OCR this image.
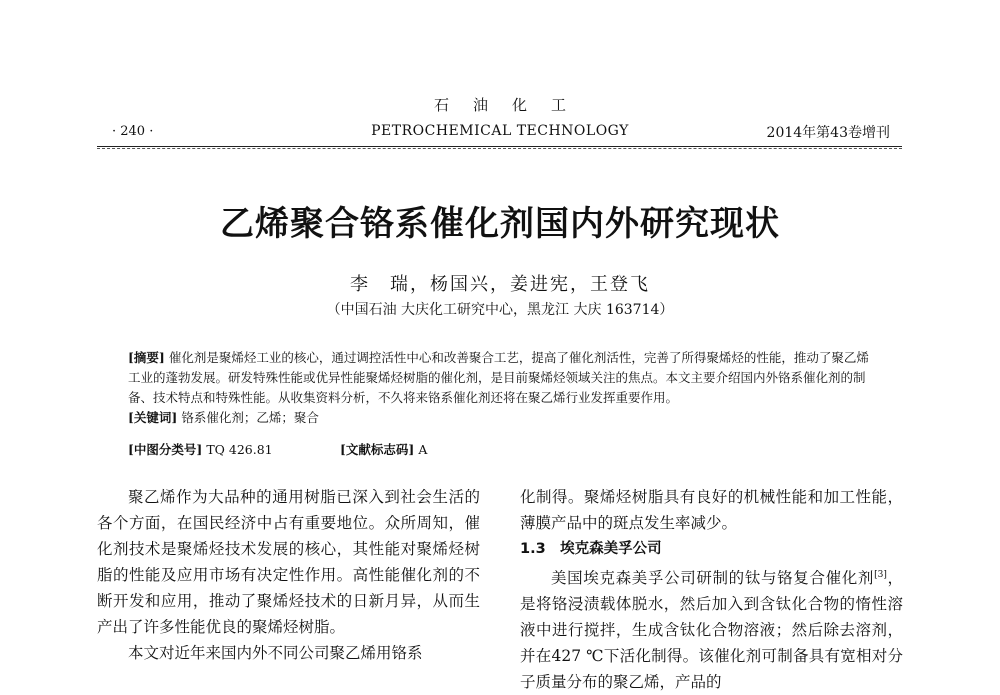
石油化工
· 240 ·	PETROCHEMICAL TECHNOLOGY	2014年第43卷增刊
乙烯聚合铬系催化剂国内外研究现状
李　瑞，杨国兴，姜进宪，王登飞
（中国石油 大庆化工研究中心，黑龙江 大庆 163714）

[摘要] 催化剂是聚烯烃工业的核心，通过调控活性中心和改善聚合工艺，提高了催化剂活性，完善了所得聚烯烃的性能，推动了聚乙烯工业的蓬勃发展。研发特殊性能或优异性能聚烯烃树脂的催化剂，是目前聚烯烃领域关注的焦点。本文主要介绍国内外铬系催化剂的制备、技术特点和特殊性能。从收集资料分析，不久将来铬系催化剂还将在聚乙烯行业发挥重要作用。

[关键词] 铬系催化剂；乙烯；聚合

[中图分类号] TQ 426.81	[文献标志码] A

聚乙烯作为大品种的通用树脂已深入到社会生活的各个方面，在国民经济中占有重要地位。众所周知，催化剂技术是聚烯烃技术发展的核心，其性能对聚烯烃树脂的性能及应用市场有决定性作用。高性能催化剂的不断开发和应用，推动了聚烯烃技术的日新月异，从而生产出了许多性能优良的聚烯烃树脂。

本文对近年来国内外不同公司聚乙烯用铬系

化制得。聚烯烃树脂具有良好的机械性能和加工性能，薄膜产品中的斑点发生率减少。

1.3　埃克森美孚公司

美国埃克森美孚公司研制的钛与铬复合催化剂[3]，是将铬浸渍载体脱水，然后加入到含钛化合物的惰性溶液中进行搅拌，生成含钛化合物溶液；然后除去溶剂，并在427 ℃下活化制得。该催化剂可制备具有宽相对分子质量分布的聚乙烯，产品的
